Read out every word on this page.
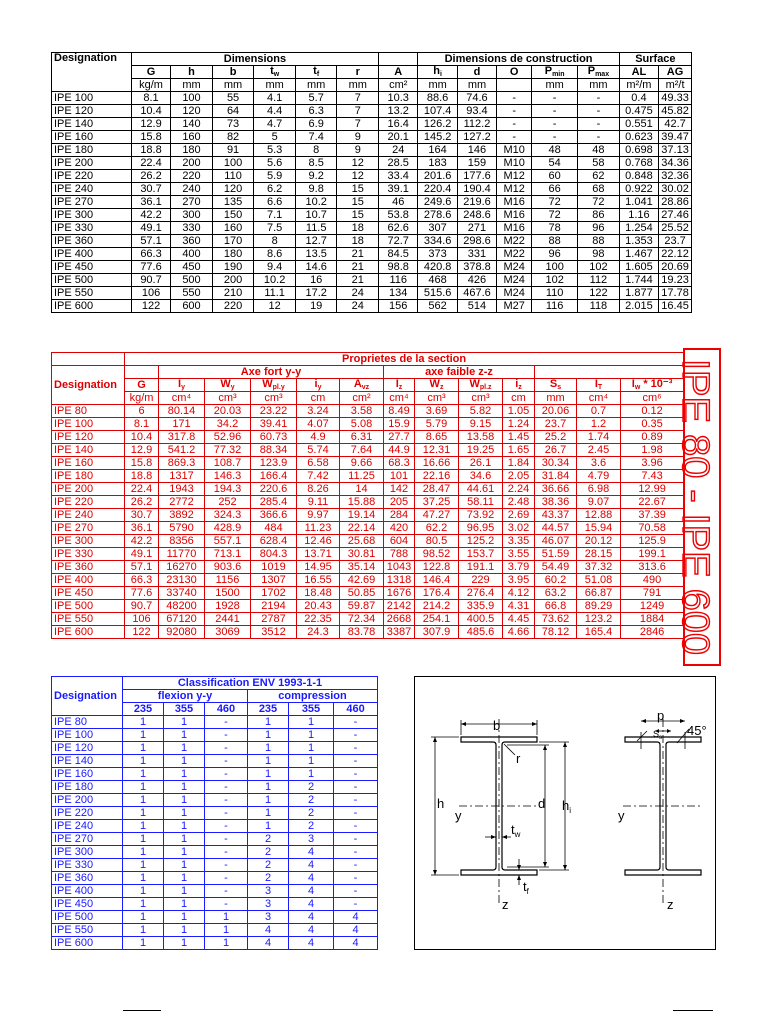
Designation	Dimensions							Dimensions de construction					Surface	
	G	h	b	$t_w$	$t_f$	r	A	$h_i$	d	O	$P_{min}$	$P_{max}$	AL	AG
	kg/m	mm	mm	mm	mm	mm	cm²	mm	mm		mm	mm	m²/m	m²/t
IPE 100	8.1	100	55	4.1	5.7	7	10.3	88.6	74.6	-	-	-	0.4	49.33
IPE 120	10.4	120	64	4.4	6.3	7	13.2	107.4	93.4	-	-	-	0.475	45.82
IPE 140	12.9	140	73	4.7	6.9	7	16.4	126.2	112.2	-	-	-	0.551	42.7
IPE 160	15.8	160	82	5	7.4	9	20.1	145.2	127.2	-	-	-	0.623	39.47
IPE 180	18.8	180	91	5.3	8	9	24	164	146	M10	48	48	0.698	37.13
IPE 200	22.4	200	100	5.6	8.5	12	28.5	183	159	M10	54	58	0.768	34.36
IPE 220	26.2	220	110	5.9	9.2	12	33.4	201.6	177.6	M12	60	62	0.848	32.36
IPE 240	30.7	240	120	6.2	9.8	15	39.1	220.4	190.4	M12	66	68	0.922	30.02
IPE 270	36.1	270	135	6.6	10.2	15	46	249.6	219.6	M16	72	72	1.041	28.86
IPE 300	42.2	300	150	7.1	10.7	15	53.8	278.6	248.6	M16	72	86	1.16	27.46
IPE 330	49.1	330	160	7.5	11.5	18	62.6	307	271	M16	78	96	1.254	25.52
IPE 360	57.1	360	170	8	12.7	18	72.7	334.6	298.6	M22	88	88	1.353	23.7
IPE 400	66.3	400	180	8.6	13.5	21	84.5	373	331	M22	96	98	1.467	22.12
IPE 450	77.6	450	190	9.4	14.6	21	98.8	420.8	378.8	M24	100	102	1.605	20.69
IPE 500	90.7	500	200	10.2	16	21	116	468	426	M24	102	112	1.744	19.23
IPE 550	106	550	210	11.1	17.2	24	134	515.6	467.6	M24	110	122	1.877	17.78
IPE 600	122	600	220	12	19	24	156	562	514	M27	116	118	2.015	16.45
	Proprietes de la section												
Designation		Axe fort y-y					axe faible z-z						
	G	$I_y$	$W_y$	$W_{pl.y}$	$i_y$	$A_{vz}$	$I_z$	$W_z$	$W_{pl.z}$	$i_z$	$S_s$	$I_T$	$I_w * 10^{-3}$
	kg/m	cm⁴	cm³	cm³	cm	cm²	cm⁴	cm³	cm³	cm	mm	cm⁴	cm⁶
IPE 80	6	80.14	20.03	23.22	3.24	3.58	8.49	3.69	5.82	1.05	20.06	0.7	0.12
IPE 100	8.1	171	34.2	39.41	4.07	5.08	15.9	5.79	9.15	1.24	23.7	1.2	0.35
IPE 120	10.4	317.8	52.96	60.73	4.9	6.31	27.7	8.65	13.58	1.45	25.2	1.74	0.89
IPE 140	12.9	541.2	77.32	88.34	5.74	7.64	44.9	12.31	19.25	1.65	26.7	2.45	1.98
IPE 160	15.8	869.3	108.7	123.9	6.58	9.66	68.3	16.66	26.1	1.84	30.34	3.6	3.96
IPE 180	18.8	1317	146.3	166.4	7.42	11.25	101	22.16	34.6	2.05	31.84	4.79	7.43
IPE 200	22.4	1943	194.3	220.6	8.26	14	142	28.47	44.61	2.24	36.66	6.98	12.99
IPE 220	26.2	2772	252	285.4	9.11	15.88	205	37.25	58.11	2.48	38.36	9.07	22.67
IPE 240	30.7	3892	324.3	366.6	9.97	19.14	284	47.27	73.92	2.69	43.37	12.88	37.39
IPE 270	36.1	5790	428.9	484	11.23	22.14	420	62.2	96.95	3.02	44.57	15.94	70.58
IPE 300	42.2	8356	557.1	628.4	12.46	25.68	604	80.5	125.2	3.35	46.07	20.12	125.9
IPE 330	49.1	11770	713.1	804.3	13.71	30.81	788	98.52	153.7	3.55	51.59	28.15	199.1
IPE 360	57.1	16270	903.6	1019	14.95	35.14	1043	122.8	191.1	3.79	54.49	37.32	313.6
IPE 400	66.3	23130	1156	1307	16.55	42.69	1318	146.4	229	3.95	60.2	51.08	490
IPE 450	77.6	33740	1500	1702	18.48	50.85	1676	176.4	276.4	4.12	63.2	66.87	791
IPE 500	90.7	48200	1928	2194	20.43	59.87	2142	214.2	335.9	4.31	66.8	89.29	1249
IPE 550	106	67120	2441	2787	22.35	72.34	2668	254.1	400.5	4.45	73.62	123.2	1884
IPE 600	122	92080	3069	3512	24.3	83.78	3387	307.9	485.6	4.66	78.12	165.4	2846 IPE 80 - IPE 600
Designation	Classification ENV 1993-1-1					
	flexion y-y			compression		
	235	355	460	235	355	460
IPE 80	1	1	-	1	1	-
IPE 100	1	1	-	1	1	-
IPE 120	1	1	-	1	1	-
IPE 140	1	1	-	1	1	-
IPE 160	1	1	-	1	1	-
IPE 180	1	1	-	1	2	-
IPE 200	1	1	-	1	2	-
IPE 220	1	1	-	1	2	-
IPE 240	1	1	-	1	2	-
IPE 270	1	1	-	2	3	-
IPE 300	1	1	-	2	4	-
IPE 330	1	1	-	2	4	-
IPE 360	1	1	-	2	4	-
IPE 400	1	1	-	3	4	-
IPE 450	1	1	-	3	4	-
IPE 500	1	1	1	3	4	4
IPE 550	1	1	1	4	4	4
IPE 600	1	1	1	4	4	4
b
r
h	d $h_i$
y
$t_w$
$t_f$
z
p
$S_s$ 45°
y
z
